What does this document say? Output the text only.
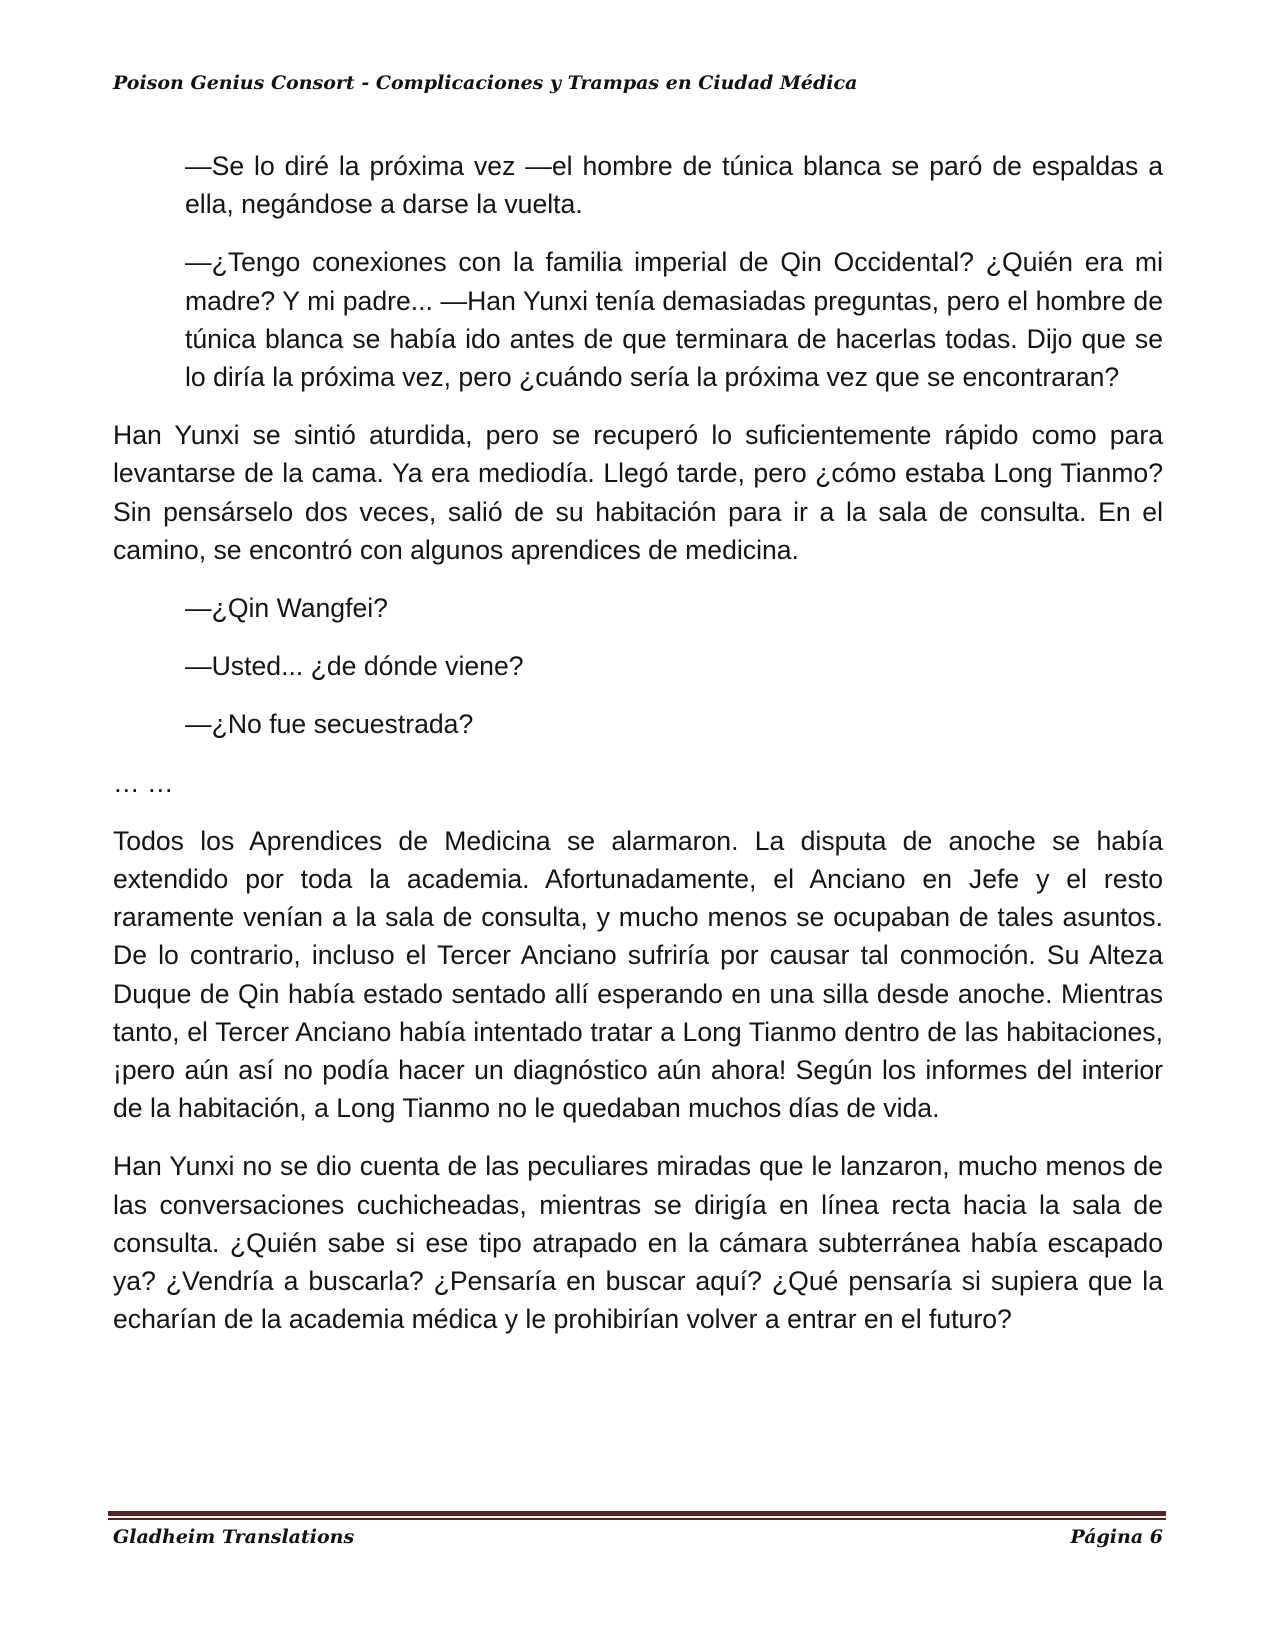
Poison Genius Consort - Complicaciones y Trampas en Ciudad Médica

—Se lo diré la próxima vez —el hombre de túnica blanca se paró de espaldas a ella, negándose a darse la vuelta.

—¿Tengo conexiones con la familia imperial de Qin Occidental? ¿Quién era mi madre? Y mi padre... —Han Yunxi tenía demasiadas preguntas, pero el hombre de túnica blanca se había ido antes de que terminara de hacerlas todas. Dijo que se lo diría la próxima vez, pero ¿cuándo sería la próxima vez que se encontraran?

Han Yunxi se sintió aturdida, pero se recuperó lo suficientemente rápido como para levantarse de la cama. Ya era mediodía. Llegó tarde, pero ¿cómo estaba Long Tianmo? Sin pensárselo dos veces, salió de su habitación para ir a la sala de consulta. En el camino, se encontró con algunos aprendices de medicina.

—¿Qin Wangfei?

—Usted... ¿de dónde viene?

—¿No fue secuestrada?

… …

Todos los Aprendices de Medicina se alarmaron. La disputa de anoche se había extendido por toda la academia. Afortunadamente, el Anciano en Jefe y el resto raramente venían a la sala de consulta, y mucho menos se ocupaban de tales asuntos. De lo contrario, incluso el Tercer Anciano sufriría por causar tal conmoción. Su Alteza Duque de Qin había estado sentado allí esperando en una silla desde anoche. Mientras tanto, el Tercer Anciano había intentado tratar a Long Tianmo dentro de las habitaciones, ¡pero aún así no podía hacer un diagnóstico aún ahora! Según los informes del interior de la habitación, a Long Tianmo no le quedaban muchos días de vida.

Han Yunxi no se dio cuenta de las peculiares miradas que le lanzaron, mucho menos de las conversaciones cuchicheadas, mientras se dirigía en línea recta hacia la sala de consulta. ¿Quién sabe si ese tipo atrapado en la cámara subterránea había escapado ya? ¿Vendría a buscarla? ¿Pensaría en buscar aquí? ¿Qué pensaría si supiera que la echarían de la academia médica y le prohibirían volver a entrar en el futuro?

Gladheim Translations	Página 6
